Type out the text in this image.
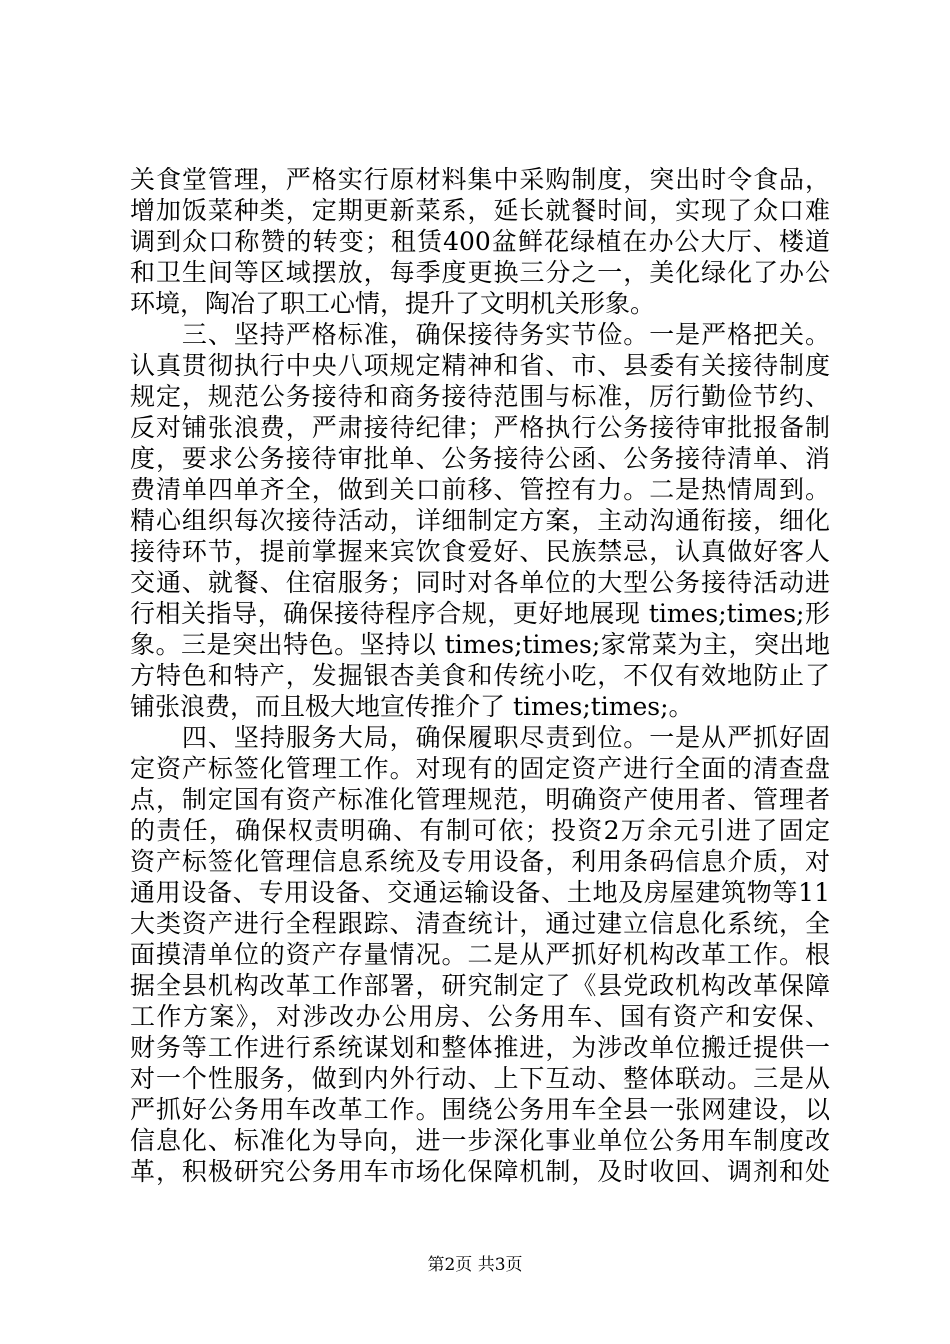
关食堂管理，严格实行原材料集中采购制度，突出时令食品，
增加饭菜种类，定期更新菜系，延长就餐时间，实现了众口难
调到众口称赞的转变；租赁400盆鲜花绿植在办公大厅、楼道
和卫生间等区域摆放，每季度更换三分之一，美化绿化了办公
环境，陶冶了职工心情，提升了文明机关形象。
　　三、坚持严格标准，确保接待务实节俭。一是严格把关。
认真贯彻执行中央八项规定精神和省、市、县委有关接待制度
规定，规范公务接待和商务接待范围与标准，厉行勤俭节约、
反对铺张浪费，严肃接待纪律；严格执行公务接待审批报备制
度，要求公务接待审批单、公务接待公函、公务接待清单、消
费清单四单齐全，做到关口前移、管控有力。二是热情周到。
精心组织每次接待活动，详细制定方案，主动沟通衔接，细化
接待环节，提前掌握来宾饮食爱好、民族禁忌，认真做好客人
交通、就餐、住宿服务；同时对各单位的大型公务接待活动进
行相关指导，确保接待程序合规，更好地展现 times;times;形
象。三是突出特色。坚持以 times;times;家常菜为主，突出地
方特色和特产，发掘银杏美食和传统小吃，不仅有效地防止了
铺张浪费，而且极大地宣传推介了 times;times;。
　　四、坚持服务大局，确保履职尽责到位。一是从严抓好固
定资产标签化管理工作。对现有的固定资产进行全面的清查盘
点，制定国有资产标准化管理规范，明确资产使用者、管理者
的责任，确保权责明确、有制可依；投资2万余元引进了固定
资产标签化管理信息系统及专用设备，利用条码信息介质，对
通用设备、专用设备、交通运输设备、土地及房屋建筑物等11
大类资产进行全程跟踪、清查统计，通过建立信息化系统，全
面摸清单位的资产存量情况。二是从严抓好机构改革工作。根
据全县机构改革工作部署，研究制定了《县党政机构改革保障
工作方案》，对涉改办公用房、公务用车、国有资产和安保、
财务等工作进行系统谋划和整体推进，为涉改单位搬迁提供一
对一个性服务，做到内外行动、上下互动、整体联动。三是从
严抓好公务用车改革工作。围绕公务用车全县一张网建设，以
信息化、标准化为导向，进一步深化事业单位公务用车制度改
革，积极研究公务用车市场化保障机制，及时收回、调剂和处
第2页 共3页
